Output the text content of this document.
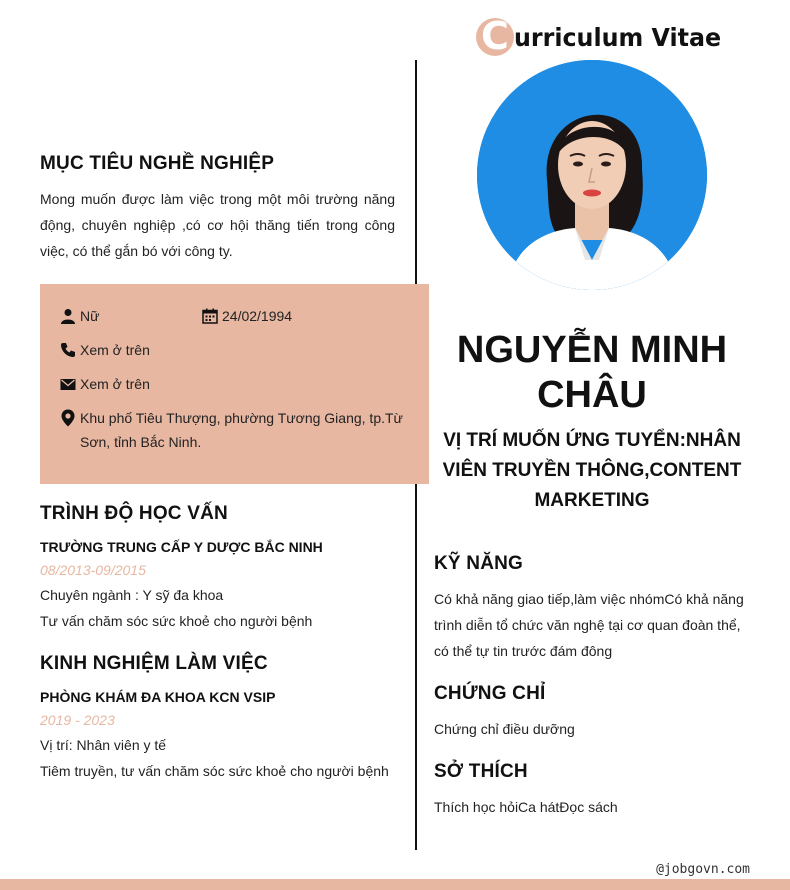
C urriculum Vitae
MỤC TIÊU NGHỀ NGHIỆP

Mong muốn được làm việc trong một môi trường năng động, chuyên nghiệp ,có cơ hội thăng tiến trong công việc, có thể gắn bó với công ty.

Nữ	24/02/1994
Xem ở trên
Xem ở trên
Khu phố Tiêu Thượng, phường Tương Giang, tp.Từ Sơn, tỉnh Bắc Ninh.
TRÌNH ĐỘ HỌC VẤN

TRƯỜNG TRUNG CẤP Y DƯỢC BẮC NINH

08/2013-09/2015

Chuyên ngành : Y sỹ đa khoa

Tư vấn chăm sóc sức khoẻ cho người bệnh

KINH NGHIỆM LÀM VIỆC

PHÒNG KHÁM ĐA KHOA KCN VSIP

2019 - 2023

Vị trí: Nhân viên y tế

Tiêm truyền, tư vấn chăm sóc sức khoẻ cho người bệnh

NGUYỄN MINH
CHÂU

VỊ TRÍ MUỐN ỨNG TUYỂN:NHÂN VIÊN TRUYỀN THÔNG,CONTENT MARKETING

KỸ NĂNG

Có khả năng giao tiếp,làm việc nhómCó khả năng trình diễn tổ chức văn nghệ tại cơ quan đoàn thể, có thể tự tin trước đám đông

CHỨNG CHỈ

Chứng chỉ điều dưỡng

SỞ THÍCH

Thích học hỏiCa hátĐọc sách

@jobgovn.com
